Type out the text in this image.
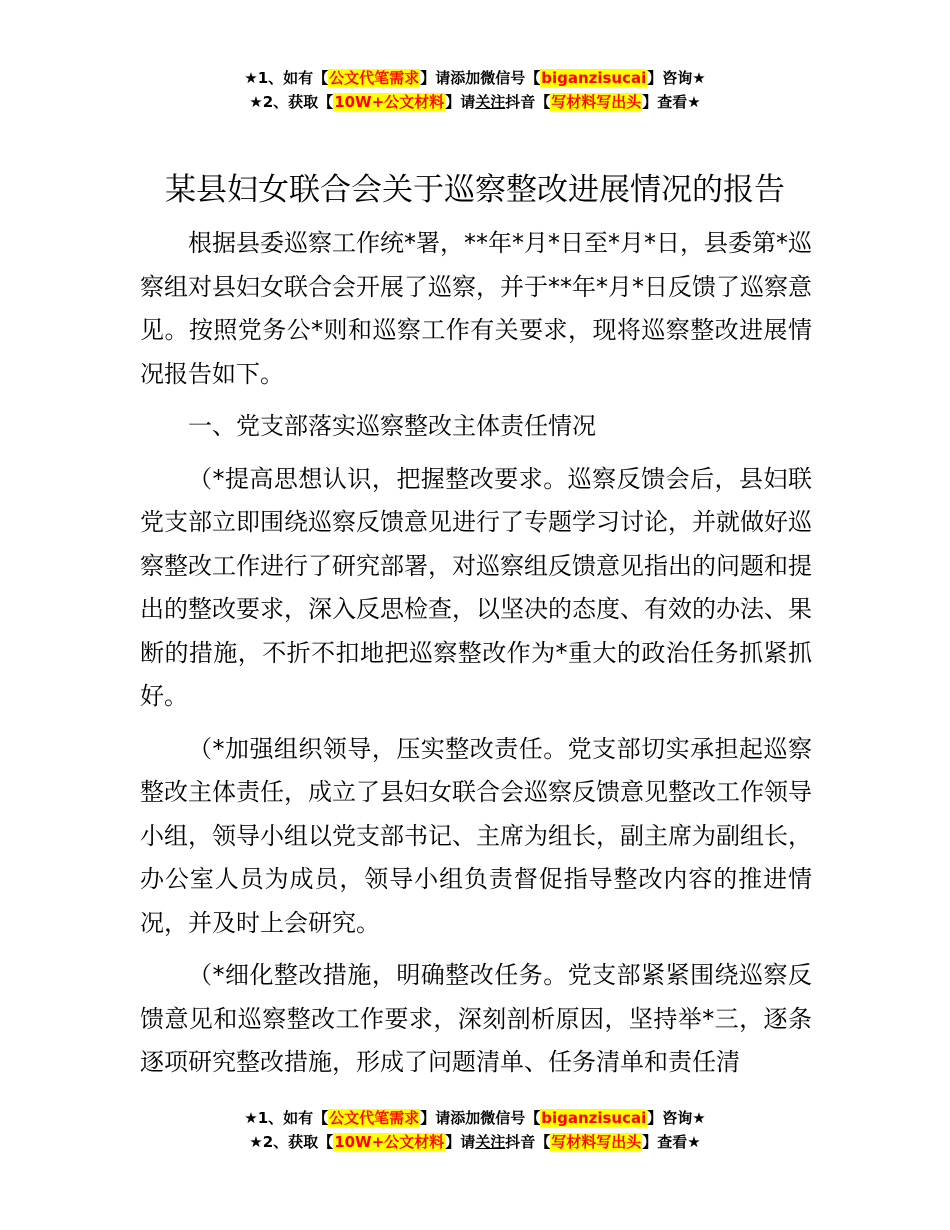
★1、如有【公文代笔需求】请添加微信号【biganzisucai】咨询★
★2、获取【10W+公文材料】请关注抖音【写材料写出头】查看★
某县妇女联合会关于巡察整改进展情况的报告

根据县委巡察工作统*署，**年*月*日至*月*日，县委第*巡察组对县妇女联合会开展了巡察，并于**年*月*日反馈了巡察意见。按照党务公*则和巡察工作有关要求，现将巡察整改进展情况报告如下。

一、党支部落实巡察整改主体责任情况

（*提高思想认识，把握整改要求。巡察反馈会后，县妇联党支部立即围绕巡察反馈意见进行了专题学习讨论，并就做好巡察整改工作进行了研究部署，对巡察组反馈意见指出的问题和提出的整改要求，深入反思检查，以坚决的态度、有效的办法、果断的措施，不折不扣地把巡察整改作为*重大的政治任务抓紧抓好。

（*加强组织领导，压实整改责任。党支部切实承担起巡察整改主体责任，成立了县妇女联合会巡察反馈意见整改工作领导小组，领导小组以党支部书记、主席为组长，副主席为副组长，办公室人员为成员，领导小组负责督促指导整改内容的推进情况，并及时上会研究。

（*细化整改措施，明确整改任务。党支部紧紧围绕巡察反馈意见和巡察整改工作要求，深刻剖析原因，坚持举*三，逐条逐项研究整改措施，形成了问题清单、任务清单和责任清

★1、如有【公文代笔需求】请添加微信号【biganzisucai】咨询★
★2、获取【10W+公文材料】请关注抖音【写材料写出头】查看★
